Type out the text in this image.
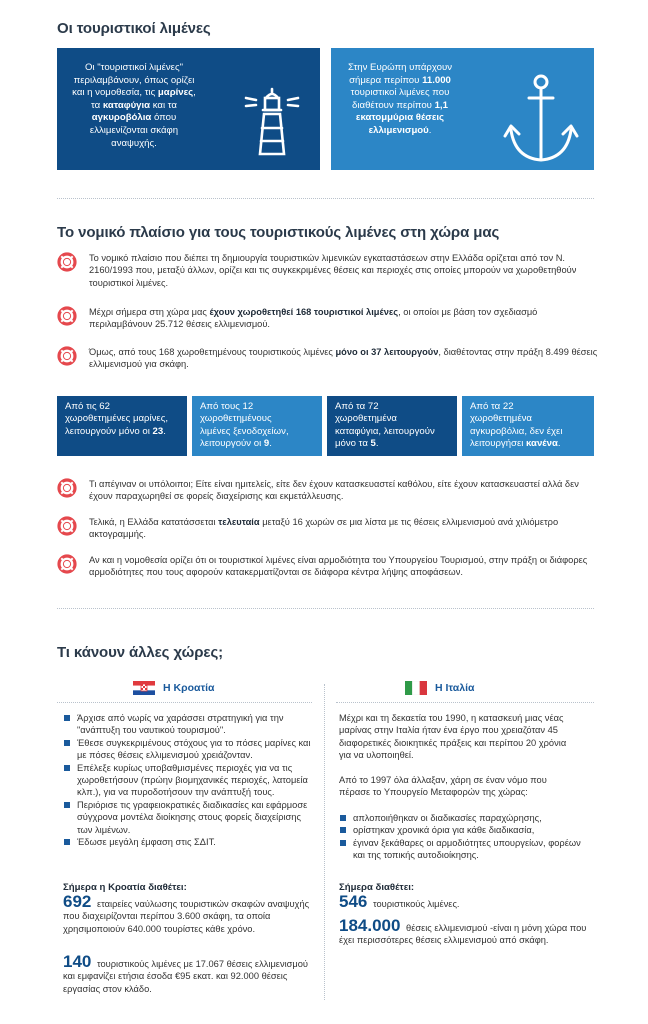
Οι τουριστικοί λιμένες
Οι "τουριστικοί λιμένες" περιλαμβάνουν, όπως ορίζει και η νομοθεσία, τις μαρίνες, τα καταφύγια και τα αγκυροβόλια όπου ελλιμενίζονται σκάφη αναψυχής.
Στην Ευρώπη υπάρχουν σήμερα περίπου 11.000 τουριστικοί λιμένες που διαθέτουν περίπου 1,1 εκατομμύρια θέσεις ελλιμενισμού.
Το νομικό πλαίσιο για τους τουριστικούς λιμένες στη χώρα μας
Το νομικό πλαίσιο που διέπει τη δημιουργία τουριστικών λιμενικών εγκαταστάσεων στην Ελλάδα ορίζεται από τον Ν. 2160/1993 που, μεταξύ άλλων, ορίζει και τις συγκεκριμένες θέσεις και περιοχές στις οποίες μπορούν να χωροθετηθούν τουριστικοί λιμένες.
Μέχρι σήμερα στη χώρα μας έχουν χωροθετηθεί 168 τουριστικοί λιμένες, οι οποίοι με βάση τον σχεδιασμό περιλαμβάνουν 25.712 θέσεις ελλιμενισμού.
Όμως, από τους 168 χωροθετημένους τουριστικούς λιμένες μόνο οι 37 λειτουργούν, διαθέτοντας στην πράξη 8.499 θέσεις ελλιμενισμού για σκάφη.
Από τις 62 χωροθετημένες μαρίνες, λειτουργούν μόνο οι 23.
Από τους 12 χωροθετημένους λιμένες ξενοδοχείων, λειτουργούν οι 9.
Από τα 72 χωροθετημένα καταφύγια, λειτουργούν μόνο τα 5.
Από τα 22 χωροθετημένα αγκυροβόλια, δεν έχει λειτουργήσει κανένα.
Τι απέγιναν οι υπόλοιποι; Είτε είναι ημιτελείς, είτε δεν έχουν κατασκευαστεί καθόλου, είτε έχουν κατασκευαστεί αλλά δεν έχουν παραχωρηθεί σε φορείς διαχείρισης και εκμετάλλευσης.
Τελικά, η Ελλάδα κατατάσσεται τελευταία μεταξύ 16 χωρών σε μια λίστα με τις θέσεις ελλιμενισμού ανά χιλιόμετρο ακτογραμμής.
Αν και η νομοθεσία ορίζει ότι οι τουριστικοί λιμένες είναι αρμοδιότητα του Υπουργείου Τουρισμού, στην πράξη οι διάφορες αρμοδιότητες που τους αφορούν κατακερματίζονται σε διάφορα κέντρα λήψης αποφάσεων.
Τι κάνουν άλλες χώρες;
Η Κροατία	Η Ιταλία
Άρχισε από νωρίς να χαράσσει στρατηγική για την "ανάπτυξη του ναυτικού τουρισμού".
Έθεσε συγκεκριμένους στόχους για το πόσες μαρίνες και με πόσες θέσεις ελλιμενισμού χρειάζονταν.
Επέλεξε κυρίως υποβαθμισμένες περιοχές για να τις χωροθετήσουν (πρώην βιομηχανικές περιοχές, λατομεία κλπ.), για να πυροδοτήσουν την ανάπτυξή τους.
Περιόρισε τις γραφειοκρατικές διαδικασίες και εφάρμοσε σύγχρονα μοντέλα διοίκησης στους φορείς διαχείρισης των λιμένων.
Έδωσε μεγάλη έμφαση στις ΣΔΙΤ.
Σήμερα η Κροατία διαθέτει:
692 εταιρείες ναύλωσης τουριστικών σκαφών αναψυχής που διαχειρίζονται περίπου 3.600 σκάφη, τα οποία χρησιμοποιούν 640.000 τουρίστες κάθε χρόνο.
140 τουριστικούς λιμένες με 17.067 θέσεις ελλιμενισμού και εμφανίζει ετήσια έσοδα €95 εκατ. και 92.000 θέσεις εργασίας στον κλάδο.
Μέχρι και τη δεκαετία του 1990, η κατασκευή μιας νέας μαρίνας στην Ιταλία ήταν ένα έργο που χρειαζόταν 45 διαφορετικές διοικητικές πράξεις και περίπου 20 χρόνια για να υλοποιηθεί.
Από το 1997 όλα άλλαξαν, χάρη σε έναν νόμο που πέρασε το Υπουργείο Μεταφορών της χώρας:
απλοποιήθηκαν οι διαδικασίες παραχώρησης,
ορίστηκαν χρονικά όρια για κάθε διαδικασία,
έγιναν ξεκάθαρες οι αρμοδιότητες υπουργείων, φορέων και της τοπικής αυτοδιοίκησης.
Σήμερα διαθέτει:
546 τουριστικούς λιμένες.
184.000 θέσεις ελλιμενισμού -είναι η μόνη χώρα που έχει περισσότερες θέσεις ελλιμενισμού από σκάφη.
